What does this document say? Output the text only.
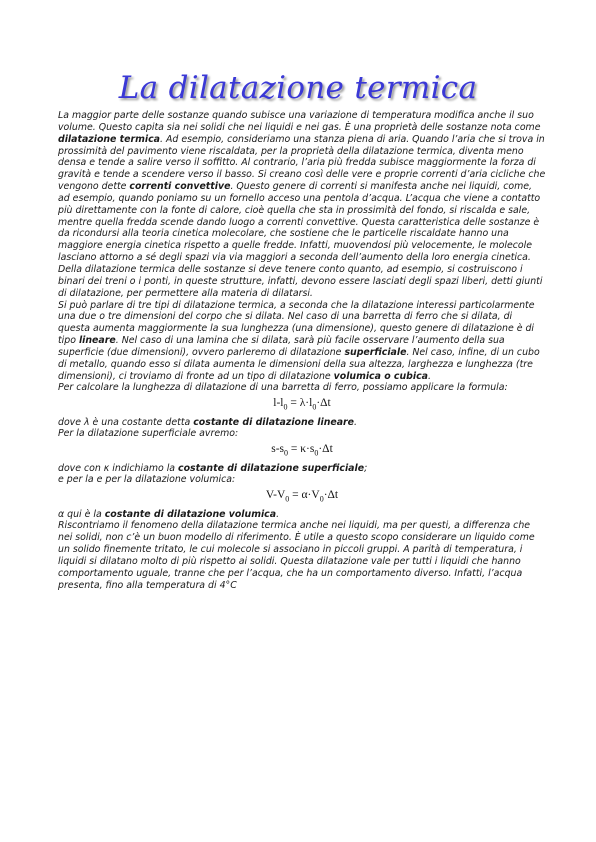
La dilatazione termica

La maggior parte delle sostanze quando subisce una variazione di temperatura modifica anche il suo volume. Questo capita sia nei solidi che nei liquidi e nei gas. È una proprietà delle sostanze nota come dilatazione termica. Ad esempio, consideriamo una stanza piena di aria. Quando l’aria che si trova in prossimità del pavimento viene riscaldata, per la proprietà della dilatazione termica, diventa meno densa e tende a salire verso il soffitto. Al contrario, l’aria più fredda subisce maggiormente la forza di gravità e tende a scendere verso il basso. Si creano così delle vere e proprie correnti d’aria cicliche che vengono dette correnti convettive. Questo genere di correnti si manifesta anche nei liquidi, come, ad esempio, quando poniamo su un fornello acceso una pentola d’acqua. L’acqua che viene a contatto più direttamente con la fonte di calore, cioè quella che sta in prossimità del fondo, si riscalda e sale, mentre quella fredda scende dando luogo a correnti convettive. Questa caratteristica delle sostanze è da ricondursi alla teoria cinetica molecolare, che sostiene che le particelle riscaldate hanno una maggiore energia cinetica rispetto a quelle fredde. Infatti, muovendosi più velocemente, le molecole lasciano attorno a sé degli spazi via via maggiori a seconda dell’aumento della loro energia cinetica.

Della dilatazione termica delle sostanze si deve tenere conto quanto, ad esempio, si costruiscono i binari dei treni o i ponti, in queste strutture, infatti, devono essere lasciati degli spazi liberi, detti giunti di dilatazione, per permettere alla materia di dilatarsi.

Si può parlare di tre tipi di dilatazione termica, a seconda che la dilatazione interessi particolarmente una due o tre dimensioni del corpo che si dilata. Nel caso di una barretta di ferro che si dilata, di questa aumenta maggiormente la sua lunghezza (una dimensione), questo genere di dilatazione è di tipo lineare. Nel caso di una lamina che si dilata, sarà più facile osservare l’aumento della sua superficie (due dimensioni), ovvero parleremo di dilatazione superficiale. Nel caso, infine, di un cubo di metallo, quando esso si dilata aumenta le dimensioni della sua altezza, larghezza e lunghezza (tre dimensioni), ci troviamo di fronte ad un tipo di dilatazione volumica o cubica.

Per calcolare la lunghezza di dilatazione di una barretta di ferro, possiamo applicare la formula:

$l-l_0 = \lambda\cdot l_0\cdot\Delta t$

dove λ è una costante detta costante di dilatazione lineare.

Per la dilatazione superficiale avremo:

$s-s_0 = \kappa\cdot s_0\cdot\Delta t$

dove con κ indichiamo la costante di dilatazione superficiale;

e per la e per la dilatazione volumica:

$V-V_0 = \alpha\cdot V_0\cdot\Delta t$

α qui è la costante di dilatazione volumica.

Riscontriamo il fenomeno della dilatazione termica anche nei liquidi, ma per questi, a differenza che nei solidi, non c’è un buon modello di riferimento. È utile a questo scopo considerare un liquido come un solido finemente tritato, le cui molecole si associano in piccoli gruppi. A parità di temperatura, i liquidi si dilatano molto di più rispetto ai solidi. Questa dilatazione vale per tutti i liquidi che hanno comportamento uguale, tranne che per l’acqua, che ha un comportamento diverso. Infatti, l’acqua presenta, fino alla temperatura di 4°C
